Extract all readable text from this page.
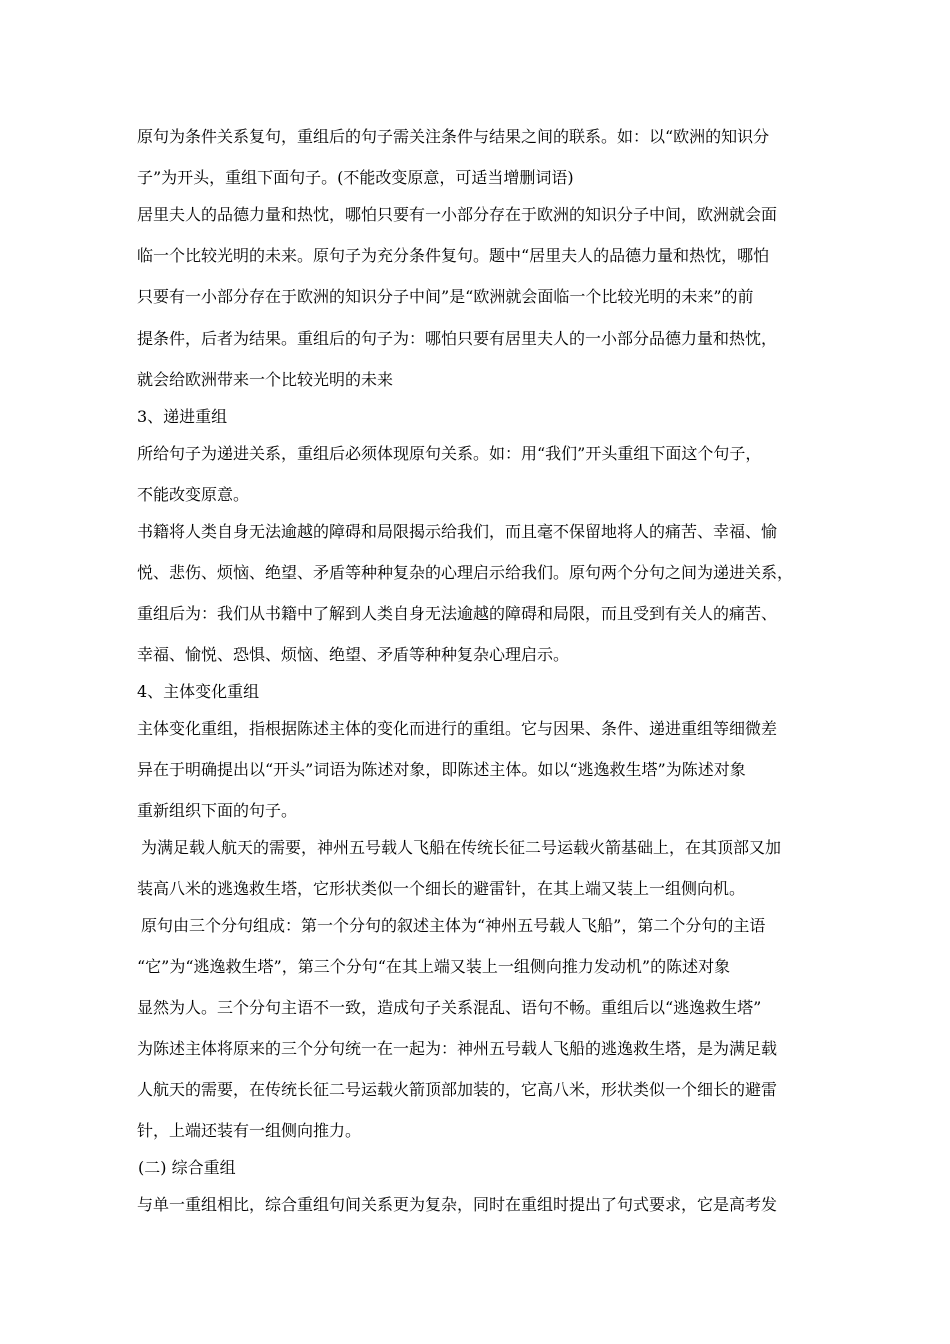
原句为条件关系复句，重组后的句子需关注条件与结果之间的联系。如：以“欧洲的知识分
子”为开头，重组下面句子。(不能改变原意，可适当增删词语)
居里夫人的品德力量和热忱，哪怕只要有一小部分存在于欧洲的知识分子中间，欧洲就会面
临一个比较光明的未来。原句子为充分条件复句。题中“居里夫人的品德力量和热忱，哪怕
只要有一小部分存在于欧洲的知识分子中间”是“欧洲就会面临一个比较光明的未来”的前
提条件，后者为结果。重组后的句子为：哪怕只要有居里夫人的一小部分品德力量和热忱，
就会给欧洲带来一个比较光明的未来
3、递进重组
所给句子为递进关系，重组后必须体现原句关系。如：用“我们”开头重组下面这个句子，
不能改变原意。
书籍将人类自身无法逾越的障碍和局限揭示给我们，而且毫不保留地将人的痛苦、幸福、愉
悦、悲伤、烦恼、绝望、矛盾等种种复杂的心理启示给我们。原句两个分句之间为递进关系，
重组后为：我们从书籍中了解到人类自身无法逾越的障碍和局限，而且受到有关人的痛苦、
幸福、愉悦、恐惧、烦恼、绝望、矛盾等种种复杂心理启示。
4、主体变化重组
主体变化重组，指根据陈述主体的变化而进行的重组。它与因果、条件、递进重组等细微差
异在于明确提出以“开头”词语为陈述对象，即陈述主体。如以“逃逸救生塔”为陈述对象
重新组织下面的句子。
为满足载人航天的需要，神州五号载人飞船在传统长征二号运载火箭基础上，在其顶部又加
装高八米的逃逸救生塔，它形状类似一个细长的避雷针，在其上端又装上一组侧向机。
原句由三个分句组成：第一个分句的叙述主体为“神州五号载人飞船”，第二个分句的主语
“它”为“逃逸救生塔”，第三个分句“在其上端又装上一组侧向推力发动机”的陈述对象
显然为人。三个分句主语不一致，造成句子关系混乱、语句不畅。重组后以“逃逸救生塔”
为陈述主体将原来的三个分句统一在一起为：神州五号载人飞船的逃逸救生塔，是为满足载
人航天的需要，在传统长征二号运载火箭顶部加装的，它高八米，形状类似一个细长的避雷
针，上端还装有一组侧向推力。
(二) 综合重组
与单一重组相比，综合重组句间关系更为复杂，同时在重组时提出了句式要求，它是高考发
